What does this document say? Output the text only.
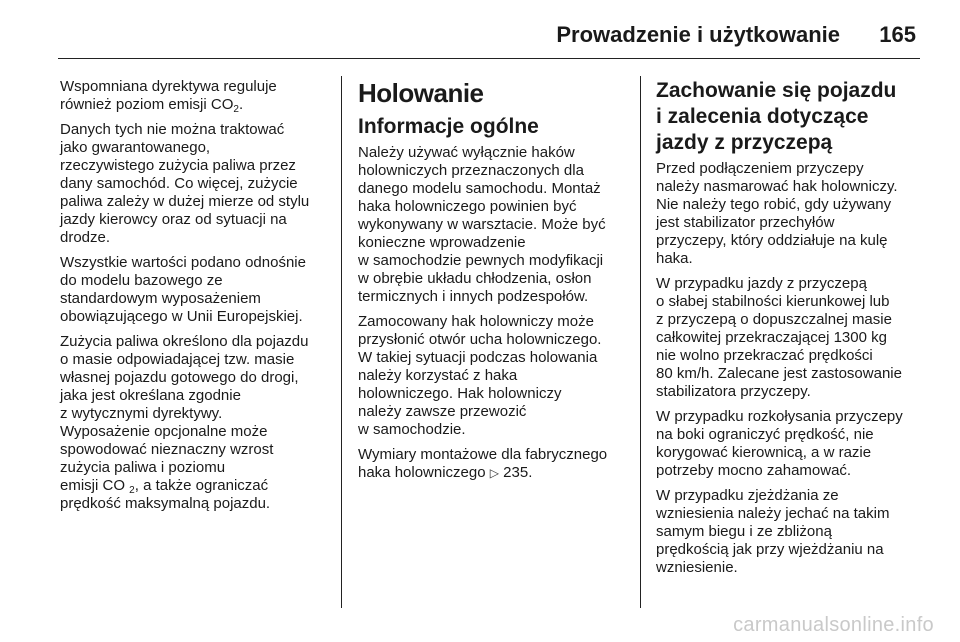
Prowadzenie i użytkowanie 165

Wspomniana dyrektywa reguluje
również poziom emisji $CO_2$.

Danych tych nie można traktować
jako gwarantowanego,
rzeczywistego zużycia paliwa przez
dany samochód. Co więcej, zużycie
paliwa zależy w dużej mierze od stylu
jazdy kierowcy oraz od sytuacji na
drodze.

Wszystkie wartości podano odnośnie
do modelu bazowego ze
standardowym wyposażeniem
obowiązującego w Unii Europejskiej.

Zużycia paliwa określono dla pojazdu
o masie odpowiadającej tzw. masie
własnej pojazdu gotowego do drogi,
jaka jest określana zgodnie
z wytycznymi dyrektywy.
Wyposażenie opcjonalne może
spowodować nieznaczny wzrost
zużycia paliwa i poziomu
emisji CO $_2$, a także ograniczać
prędkość maksymalną pojazdu.

Holowanie
Informacje ogólne

Należy używać wyłącznie haków
holowniczych przeznaczonych dla
danego modelu samochodu. Montaż
haka holowniczego powinien być
wykonywany w warsztacie. Może być
konieczne wprowadzenie
w samochodzie pewnych modyfikacji
w obrębie układu chłodzenia, osłon
termicznych i innych podzespołów.

Zamocowany hak holowniczy może
przysłonić otwór ucha holowniczego.
W takiej sytuacji podczas holowania
należy korzystać z haka
holowniczego. Hak holowniczy
należy zawsze przewozić
w samochodzie.

Wymiary montażowe dla fabrycznego
haka holowniczego ▷ 235.

Zachowanie się pojazdu
i zalecenia dotyczące
jazdy z przyczepą

Przed podłączeniem przyczepy
należy nasmarować hak holowniczy.
Nie należy tego robić, gdy używany
jest stabilizator przechyłów
przyczepy, który oddziałuje na kulę
haka.

W przypadku jazdy z przyczepą
o słabej stabilności kierunkowej lub
z przyczepą o dopuszczalnej masie
całkowitej przekraczającej 1300 kg
nie wolno przekraczać prędkości
80 km/h. Zalecane jest zastosowanie
stabilizatora przyczepy.

W przypadku rozkołysania przyczepy
na boki ograniczyć prędkość, nie
korygować kierownicą, a w razie
potrzeby mocno zahamować.

W przypadku zjeżdżania ze
wzniesienia należy jechać na takim
samym biegu i ze zbliżoną
prędkością jak przy wjeżdżaniu na
wzniesienie.

carmanualsonline.info
